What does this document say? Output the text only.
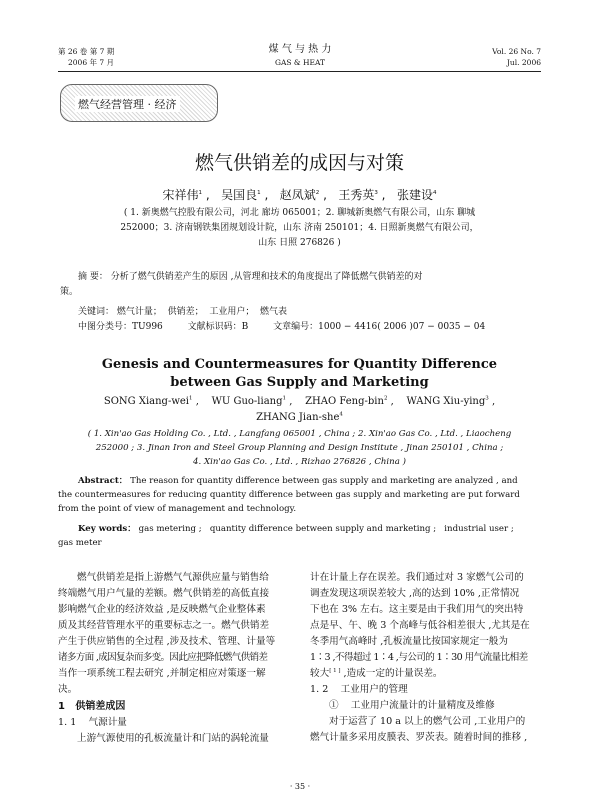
第 26 卷 第 7 期
2006 年 7 月
煤 气 与 热 力
GAS & HEAT
Vol. 26 No. 7
Jul. 2006
燃气经营管理 · 经济
燃气供销差的成因与对策
宋祥伟$^1$ ,   吴国良$^1$ ,   赵凤斌$^2$ ,   王秀英$^3$ ,   张建设$^4$
( 1. 新奥燃气控股有限公司，河北 廊坊 065001；2. 聊城新奥燃气有限公司，山东 聊城
252000；3. 济南钢铁集团规划设计院，山东 济南 250101；4. 日照新奥燃气有限公司，
山东 日照 276826 )
摘 要： 分析了燃气供销差产生的原因 ,从管理和技术的角度提出了降低燃气供销差的对
策。
关键词： 燃气计量；  供销差；  工业用户；  燃气表
中图分类号：TU996	文献标识码：B	文章编号：1000 − 4416( 2006 )07 − 0035 − 04
Genesis and Countermeasures for Quantity Difference
between Gas Supply and Marketing
SONG Xiang-wei$^1$ ,    WU Guo-liang$^1$ ,    ZHAO Feng-bin$^2$ ,    WANG Xiu-ying$^3$ ,
ZHANG Jian-she$^4$
( 1. Xin'ao Gas Holding Co. , Ltd. , Langfang 065001 , China ; 2. Xin'ao Gas Co. , Ltd. , Liaocheng
252000 ; 3. Jinan Iron and Steel Group Planning and Design Institute , Jinan 250101 , China ;
4. Xin'ao Gas Co. , Ltd. , Rizhao 276826 , China )
Abstract： The reason for quantity difference between gas supply and marketing are analyzed , and
the countermeasures for reducing quantity difference between gas supply and marketing are put forward
from the point of view of management and technology.
Key words： gas metering ;   quantity difference between supply and marketing ;   industrial user ;
gas meter
燃气供销差是指上游燃气气源供应量与销售给
终端燃气用户气量的差额。燃气供销差的高低直接
影响燃气企业的经济效益 ,是反映燃气企业整体素
质及其经营管理水平的重要标志之一。燃气供销差
产生于供应销售的全过程 ,涉及技术、管理、计量等
诸多方面 ,成因复杂而多变。因此应把降低燃气供销差
当作一项系统工程去研究 ,并制定相应对策逐一解
决。
1   供销差成因
1. 1    气源计量
上游气源使用的孔板流量计和门站的涡轮流量
计在计量上存在误差。我们通过对 3 家燃气公司的
调查发现这项误差较大 ,高的达到 10% ,正常情况
下也在 3% 左右。这主要是由于我们用气的突出特
点是早、午、晚 3 个高峰与低谷相差很大 ,尤其是在
冬季用气高峰时 ,孔板流量比按国家规定一般为
1∶3 ,不得超过 1∶4 ,与公司的 1∶30 用气流量比相差
较大[ 1 ] ,造成一定的计量误差。
1. 2    工业用户的管理
①    工业用户流量计的计量精度及维修
对于运营了 10 a 以上的燃气公司 ,工业用户的
燃气计量多采用皮膜表、罗茨表。随着时间的推移 ,
· 35 ·
